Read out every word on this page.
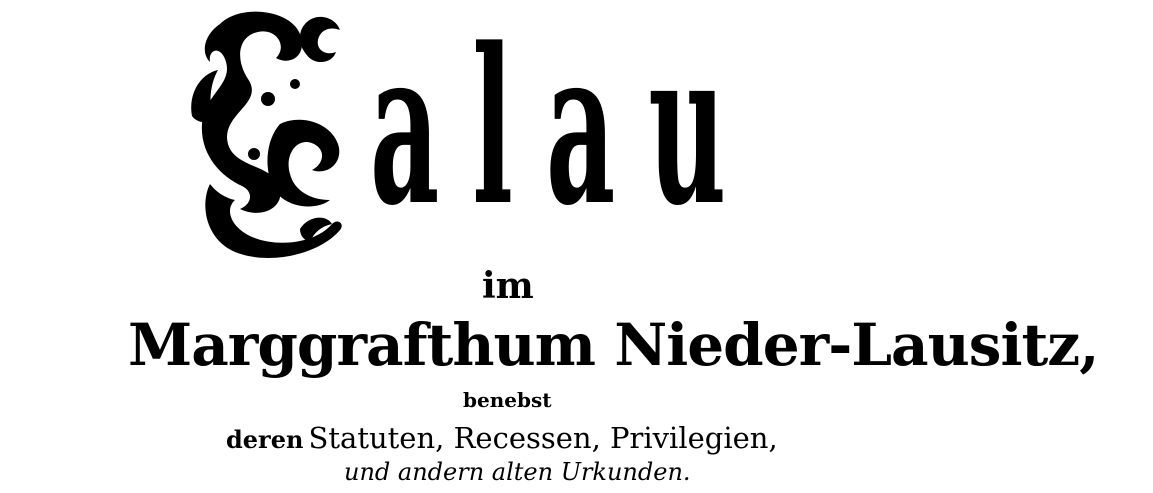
alau
im
Marggrafthum Nieder-Lausitz,
benebst
deren Statuten, Recessen, Privilegien,
und andern alten Urkunden.
